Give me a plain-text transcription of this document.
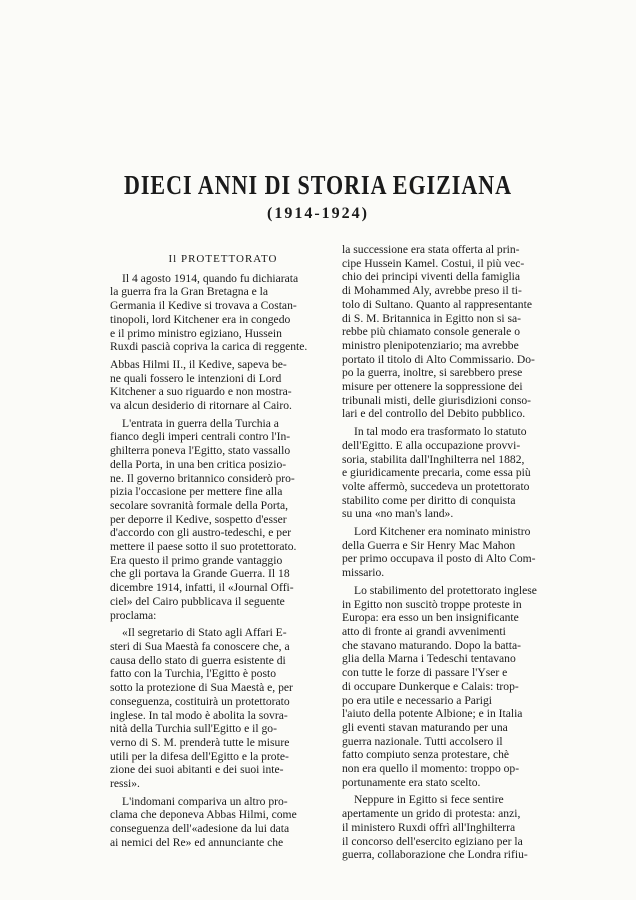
DIECI ANNI DI STORIA EGIZIANA
(1914-1924)
Il PROTETTORATO
Il 4 agosto 1914, quando fu dichiarata
la guerra fra la Gran Bretagna e la
Germania il Kedive si trovava a Costan-
tinopoli, lord Kitchener era in congedo
e il primo ministro egiziano, Hussein
Ruxdi pascià copriva la carica di reggente.
Abbas Hilmi II., il Kedive, sapeva be-
ne quali fossero le intenzioni di Lord
Kitchener a suo riguardo e non mostra-
va alcun desiderio di ritornare al Cairo.
L'entrata in guerra della Turchia a
fianco degli imperi centrali contro l'In-
ghilterra poneva l'Egitto, stato vassallo
della Porta, in una ben critica posizio-
ne. Il governo britannico considerò pro-
pizia l'occasione per mettere fine alla
secolare sovranità formale della Porta,
per deporre il Kedive, sospetto d'esser
d'accordo con gli austro-tedeschi, e per
mettere il paese sotto il suo protettorato.
Era questo il primo grande vantaggio
che gli portava la Grande Guerra. Il 18
dicembre 1914, infatti, il «Journal Offi-
ciel» del Cairo pubblicava il seguente
proclama:
«Il segretario di Stato agli Affari E-
steri di Sua Maestà fa conoscere che, a
causa dello stato di guerra esistente di
fatto con la Turchia, l'Egitto è posto
sotto la protezione di Sua Maestà e, per
conseguenza, costituirà un protettorato
inglese. In tal modo è abolita la sovra-
nità della Turchia sull'Egitto e il go-
verno di S. M. prenderà tutte le misure
utili per la difesa dell'Egitto e la prote-
zione dei suoi abitanti e dei suoi inte-
ressi».
L'indomani compariva un altro pro-
clama che deponeva Abbas Hilmi, come
conseguenza dell'«adesione da lui data
ai nemici del Re» ed annunciante che
la successione era stata offerta al prin-
cipe Hussein Kamel. Costui, il più vec-
chio dei principi viventi della famiglia
di Mohammed Aly, avrebbe preso il ti-
tolo di Sultano. Quanto al rappresentante
di S. M. Britannica in Egitto non si sa-
rebbe più chiamato console generale o
ministro plenipotenziario; ma avrebbe
portato il titolo di Alto Commissario. Do-
po la guerra, inoltre, si sarebbero prese
misure per ottenere la soppressione dei
tribunali misti, delle giurisdizioni conso-
lari e del controllo del Debito pubblico.
In tal modo era trasformato lo statuto
dell'Egitto. E alla occupazione provvi-
soria, stabilita dall'Inghilterra nel 1882,
e giuridicamente precaria, come essa più
volte affermò, succedeva un protettorato
stabilito come per diritto di conquista
su una «no man's land».
Lord Kitchener era nominato ministro
della Guerra e Sir Henry Mac Mahon
per primo occupava il posto di Alto Com-
missario.
Lo stabilimento del protettorato inglese
in Egitto non suscitò troppe proteste in
Europa: era esso un ben insignificante
atto di fronte ai grandi avvenimenti
che stavano maturando. Dopo la batta-
glia della Marna i Tedeschi tentavano
con tutte le forze di passare l'Yser e
di occupare Dunkerque e Calais: trop-
po era utile e necessario a Parigi
l'aiuto della potente Albione; e in Italia
gli eventi stavan maturando per una
guerra nazionale. Tutti accolsero il
fatto compiuto senza protestare, chè
non era quello il momento: troppo op-
portunamente era stato scelto.
Neppure in Egitto si fece sentire
apertamente un grido di protesta: anzi,
il ministero Ruxdi offrì all'Inghilterra
il concorso dell'esercito egiziano per la
guerra, collaborazione che Londra rifiu-
